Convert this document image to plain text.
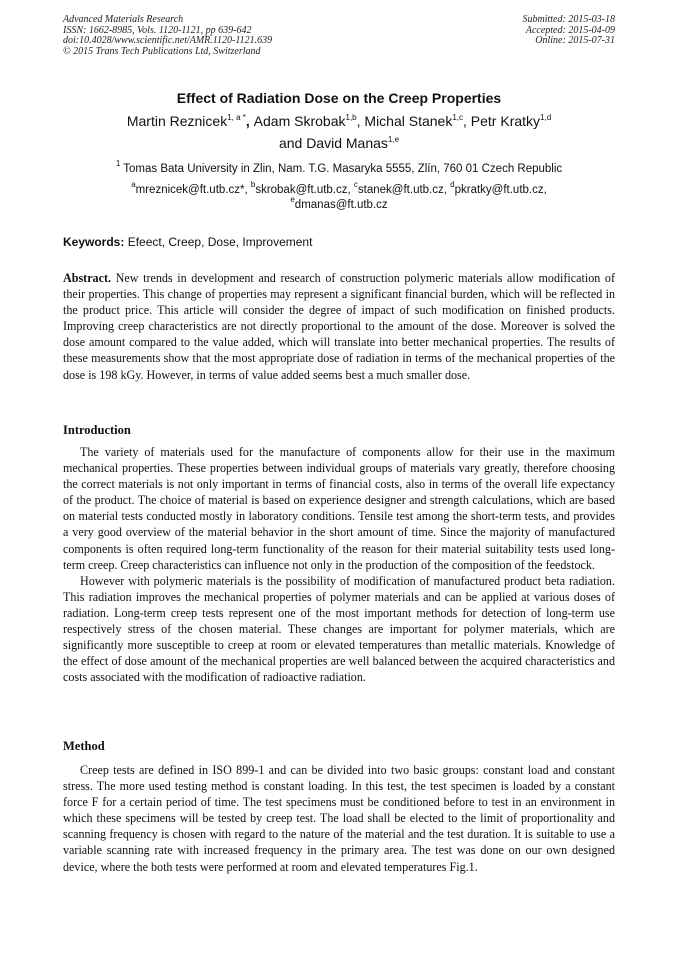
Advanced Materials Research
ISSN: 1662-8985, Vols. 1120-1121, pp 639-642
doi:10.4028/www.scientific.net/AMR.1120-1121.639
© 2015 Trans Tech Publications Ltd, Switzerland
Submitted: 2015-03-18
Accepted: 2015-04-09
Online: 2015-07-31
Effect of Radiation Dose on the Creep Properties
Martin Reznicek$^{1, a *}$, Adam Skrobak$^{1,b}$, Michal Stanek$^{1,c}$, Petr Kratky$^{1,d}$
and David Manas$^{1,e}$
$^1$ Tomas Bata University in Zlin, Nam. T.G. Masaryka 5555, Zlín, 760 01 Czech Republic
$^a$mreznicek@ft.utb.cz*, $^b$skrobak@ft.utb.cz, $^c$stanek@ft.utb.cz, $^d$pkratky@ft.utb.cz,
$^e$dmanas@ft.utb.cz
Keywords: Efeect, Creep, Dose, Improvement
Abstract. New trends in development and research of construction polymeric materials allow modification of their properties. This change of properties may represent a significant financial burden, which will be reflected in the product price. This article will consider the degree of impact of such modification on finished products. Improving creep characteristics are not directly proportional to the amount of the dose. Moreover is solved the dose amount compared to the value added, which will translate into better mechanical properties. The results of these measurements show that the most appropriate dose of radiation in terms of the mechanical properties of the dose is 198 kGy. However, in terms of value added seems best a much smaller dose.
Introduction

The variety of materials used for the manufacture of components allow for their use in the maximum mechanical properties. These properties between individual groups of materials vary greatly, therefore choosing the correct materials is not only important in terms of financial costs, also in terms of the overall life expectancy of the product. The choice of material is based on experience designer and strength calculations, which are based on material tests conducted mostly in laboratory conditions. Tensile test among the short-term tests, and provides a very good overview of the material behavior in the short amount of time. Since the majority of manufactured components is often required long-term functionality of the reason for their material suitability tests used long-term creep. Creep characteristics can influence not only in the production of the composition of the feedstock.

However with polymeric materials is the possibility of modification of manufactured product beta radiation. This radiation improves the mechanical properties of polymer materials and can be applied at various doses of radiation. Long-term creep tests represent one of the most important methods for detection of long-term use respectively stress of the chosen material. These changes are important for polymer materials, which are significantly more susceptible to creep at room or elevated temperatures than metallic materials. Knowledge of the effect of dose amount of the mechanical properties are well balanced between the acquired characteristics and costs associated with the modification of radioactive radiation.

Method

Creep tests are defined in ISO 899-1 and can be divided into two basic groups: constant load and constant stress. The more used testing method is constant loading. In this test, the test specimen is loaded by a constant force F for a certain period of time. The test specimens must be conditioned before to test in an environment in which these specimens will be tested by creep test. The load shall be elected to the limit of proportionality and scanning frequency is chosen with regard to the nature of the material and the test duration. It is suitable to use a variable scanning rate with increased frequency in the primary area. The test was done on our own designed device, where the both tests were performed at room and elevated temperatures Fig.1.
